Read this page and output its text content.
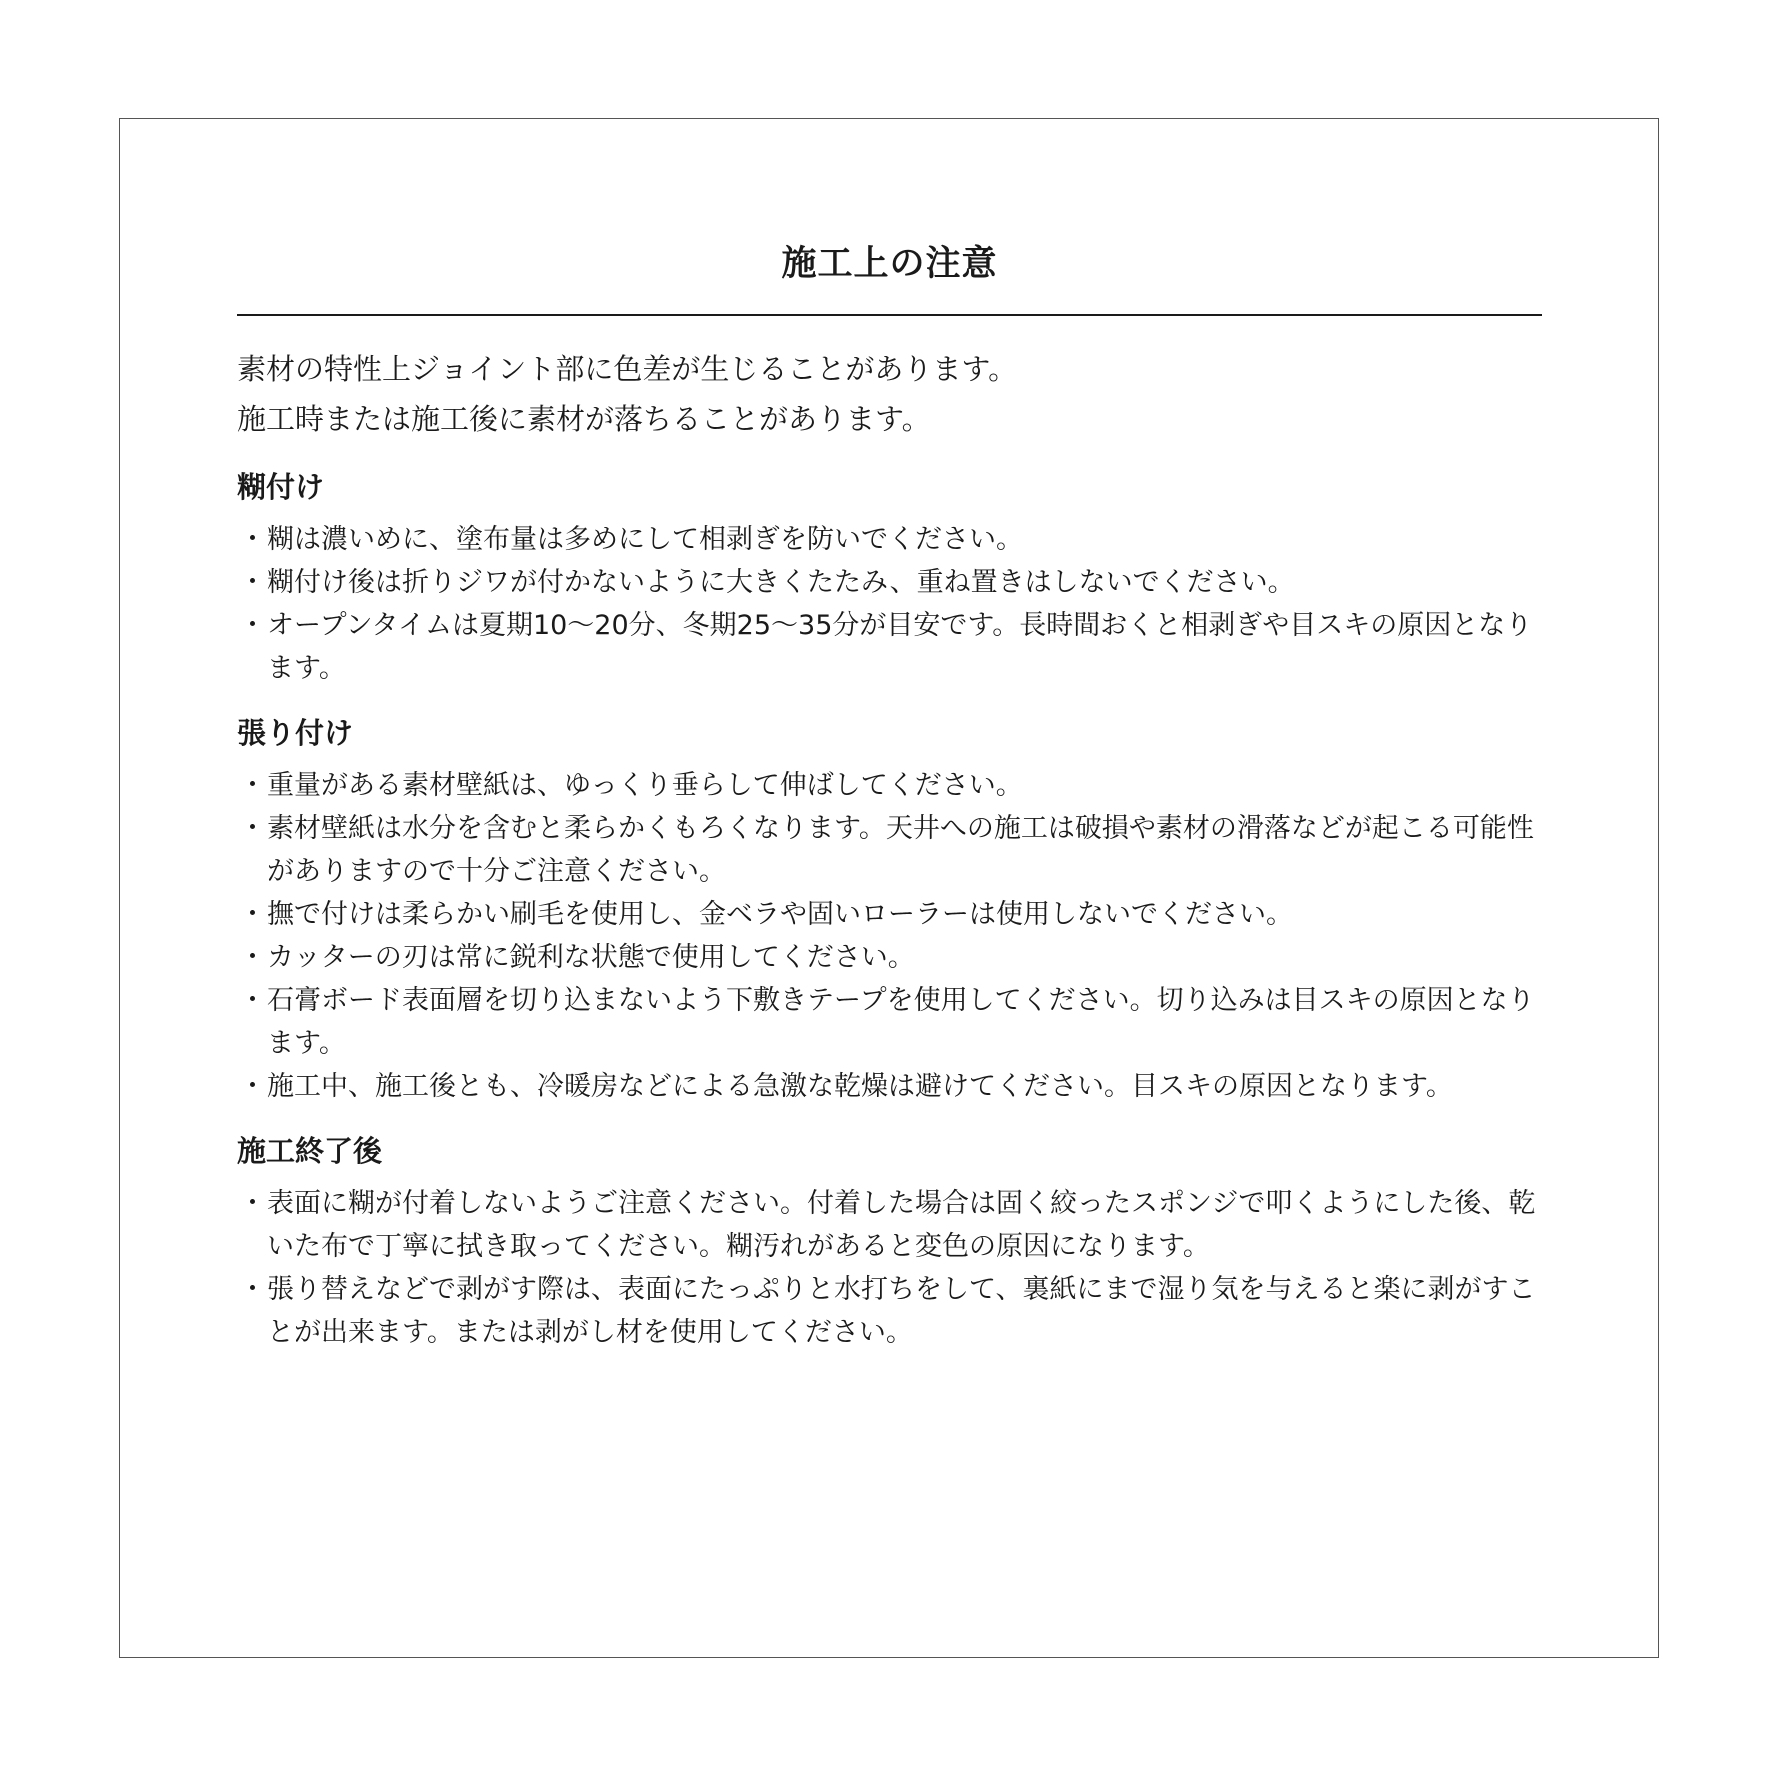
施工上の注意

素材の特性上ジョイント部に色差が生じることがあります。

施工時または施工後に素材が落ちることがあります。

糊付け
・ 糊は濃いめに、塗布量は多めにして相剥ぎを防いでください。
・ 糊付け後は折りジワが付かないように大きくたたみ、重ね置きはしないでください。
・ オープンタイムは夏期10～20分、冬期25～35分が目安です。長時間おくと相剥ぎや目スキの原因となります。
張り付け
・ 重量がある素材壁紙は、ゆっくり垂らして伸ばしてください。
・ 素材壁紙は水分を含むと柔らかくもろくなります。天井への施工は破損や素材の滑落などが起こる可能性がありますので十分ご注意ください。
・ 撫で付けは柔らかい刷毛を使用し、金ベラや固いローラーは使用しないでください。
・ カッターの刃は常に鋭利な状態で使用してください。
・ 石膏ボード表面層を切り込まないよう下敷きテープを使用してください。切り込みは目スキの原因となります。
・ 施工中、施工後とも、冷暖房などによる急激な乾燥は避けてください。目スキの原因となります。
施工終了後
・ 表面に糊が付着しないようご注意ください。付着した場合は固く絞ったスポンジで叩くようにした後、乾いた布で丁寧に拭き取ってください。糊汚れがあると変色の原因になります。
・ 張り替えなどで剥がす際は、表面にたっぷりと水打ちをして、裏紙にまで湿り気を与えると楽に剥がすことが出来ます。または剥がし材を使用してください。
